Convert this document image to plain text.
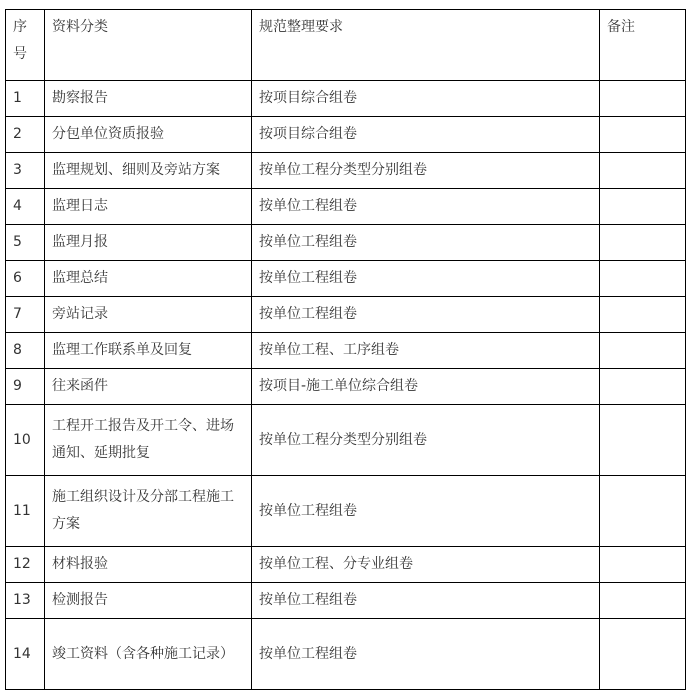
序号	资料分类	规范整理要求	备注
1	勘察报告	按项目综合组卷	
2	分包单位资质报验	按项目综合组卷	
3	监理规划、细则及旁站方案	按单位工程分类型分别组卷	
4	监理日志	按单位工程组卷	
5	监理月报	按单位工程组卷	
6	监理总结	按单位工程组卷	
7	旁站记录	按单位工程组卷	
8	监理工作联系单及回复	按单位工程、工序组卷	
9	往来函件	按项目-施工单位综合组卷	
10	工程开工报告及开工令、进场通知、延期批复	按单位工程分类型分别组卷	
11	施工组织设计及分部工程施工方案	按单位工程组卷	
12	材料报验	按单位工程、分专业组卷	
13	检测报告	按单位工程组卷	
14	竣工资料（含各种施工记录）	按单位工程组卷	
